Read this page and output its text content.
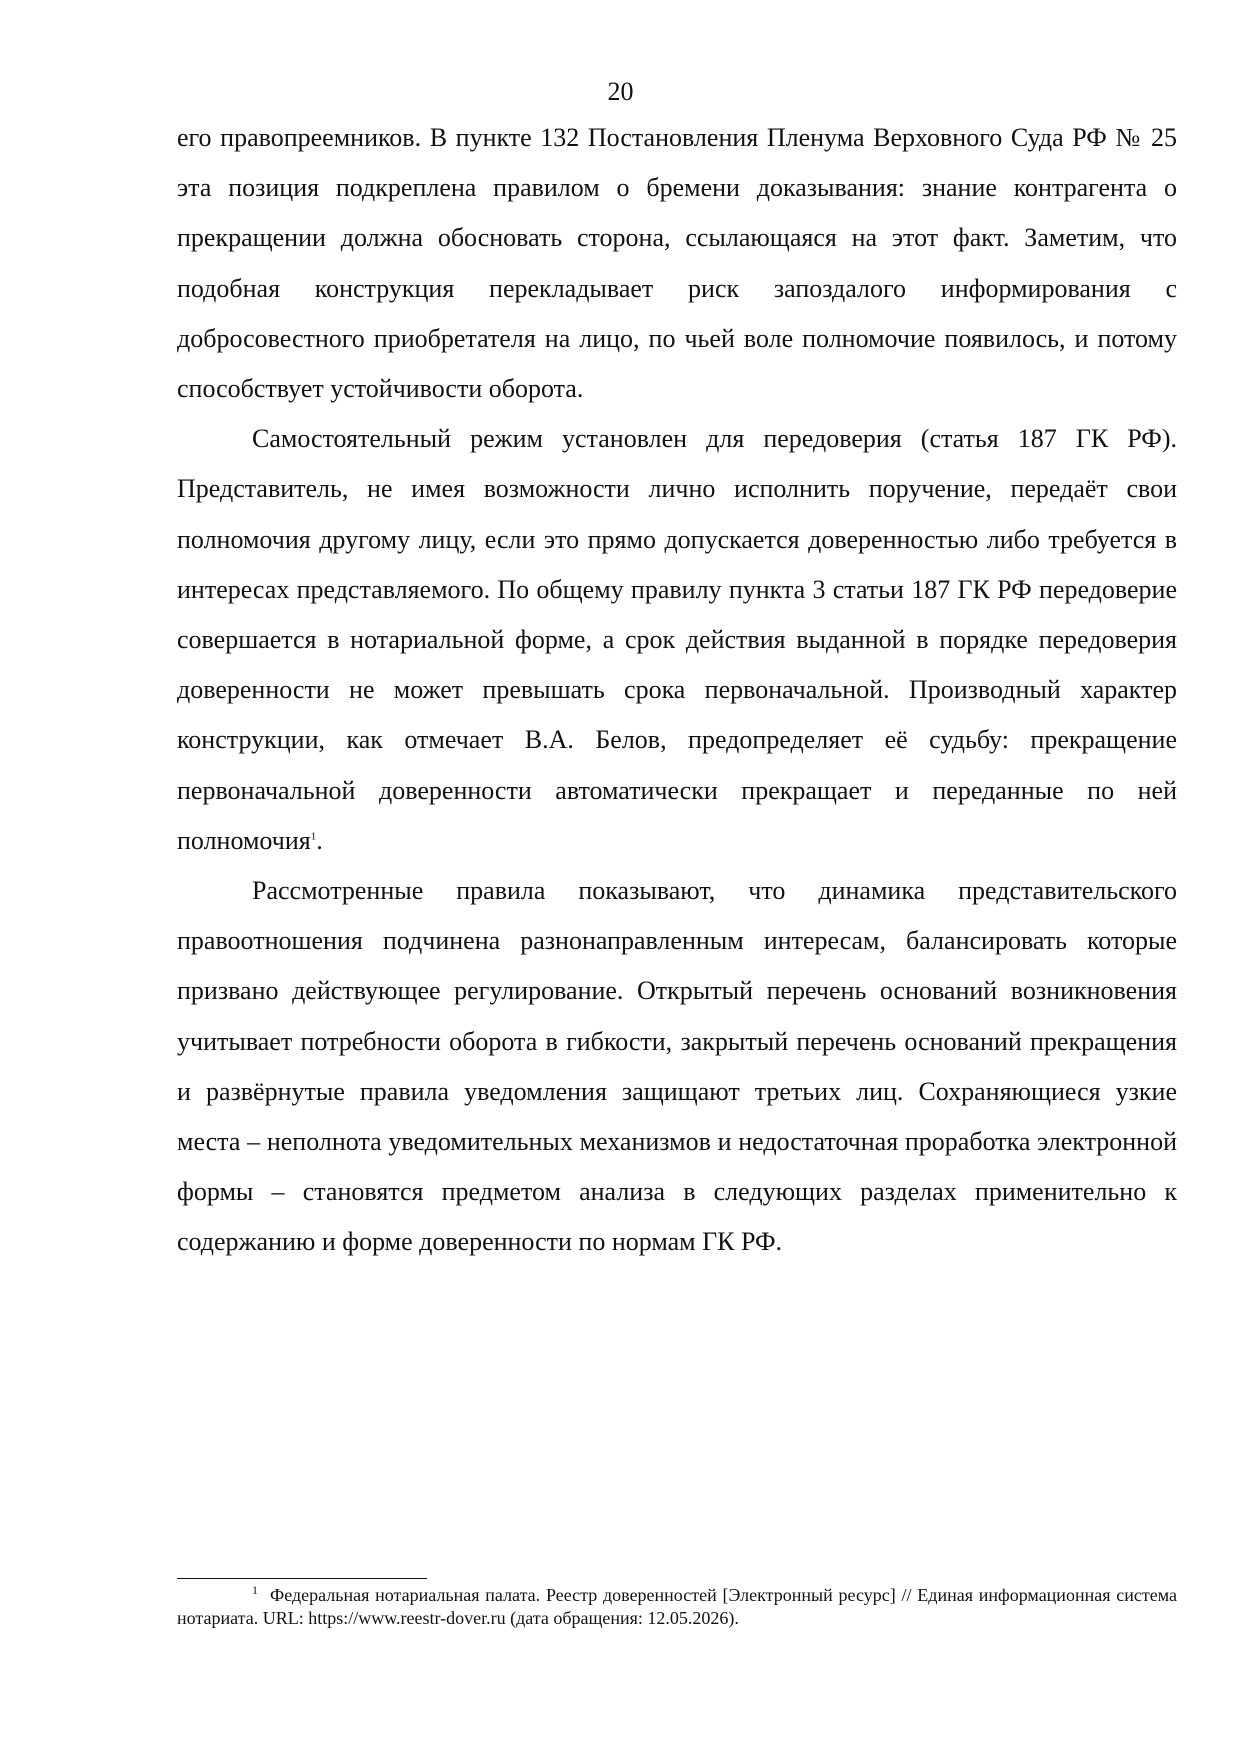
20

его правопреемников. В пункте 132 Постановления Пленума Верховного Суда РФ № 25 эта позиция подкреплена правилом о бремени доказывания: знание контрагента о прекращении должна обосновать сторона, ссылающаяся на этот факт. Заметим, что подобная конструкция перекладывает риск запоздалого информирования с добросовестного приобретателя на лицо, по чьей воле полномочие появилось, и потому способствует устойчивости оборота.

Самостоятельный режим установлен для передоверия (статья 187 ГК РФ). Представитель, не имея возможности лично исполнить поручение, передаёт свои полномочия другому лицу, если это прямо допускается доверенностью либо требуется в интересах представляемого. По общему правилу пункта 3 статьи 187 ГК РФ передоверие совершается в нотариальной форме, а срок действия выданной в порядке передоверия доверенности не может превышать срока первоначальной. Производный характер конструкции, как отмечает В.А. Белов, предопределяет её судьбу: прекращение первоначальной доверенности автоматически прекращает и переданные по ней полномочия$^1$.

Рассмотренные правила показывают, что динамика представительского правоотношения подчинена разнонаправленным интересам, балансировать которые призвано действующее регулирование. Открытый перечень оснований возникновения учитывает потребности оборота в гибкости, закрытый перечень оснований прекращения и развёрнутые правила уведомления защищают третьих лиц. Сохраняющиеся узкие места – неполнота уведомительных механизмов и недостаточная проработка электронной формы – становятся предметом анализа в следующих разделах применительно к содержанию и форме доверенности по нормам ГК РФ.

$^1$ Федеральная нотариальная палата. Реестр доверенностей [Электронный ресурс] // Единая информационная система нотариата. URL: https://www.reestr-dover.ru (дата обращения: 12.05.2026).
